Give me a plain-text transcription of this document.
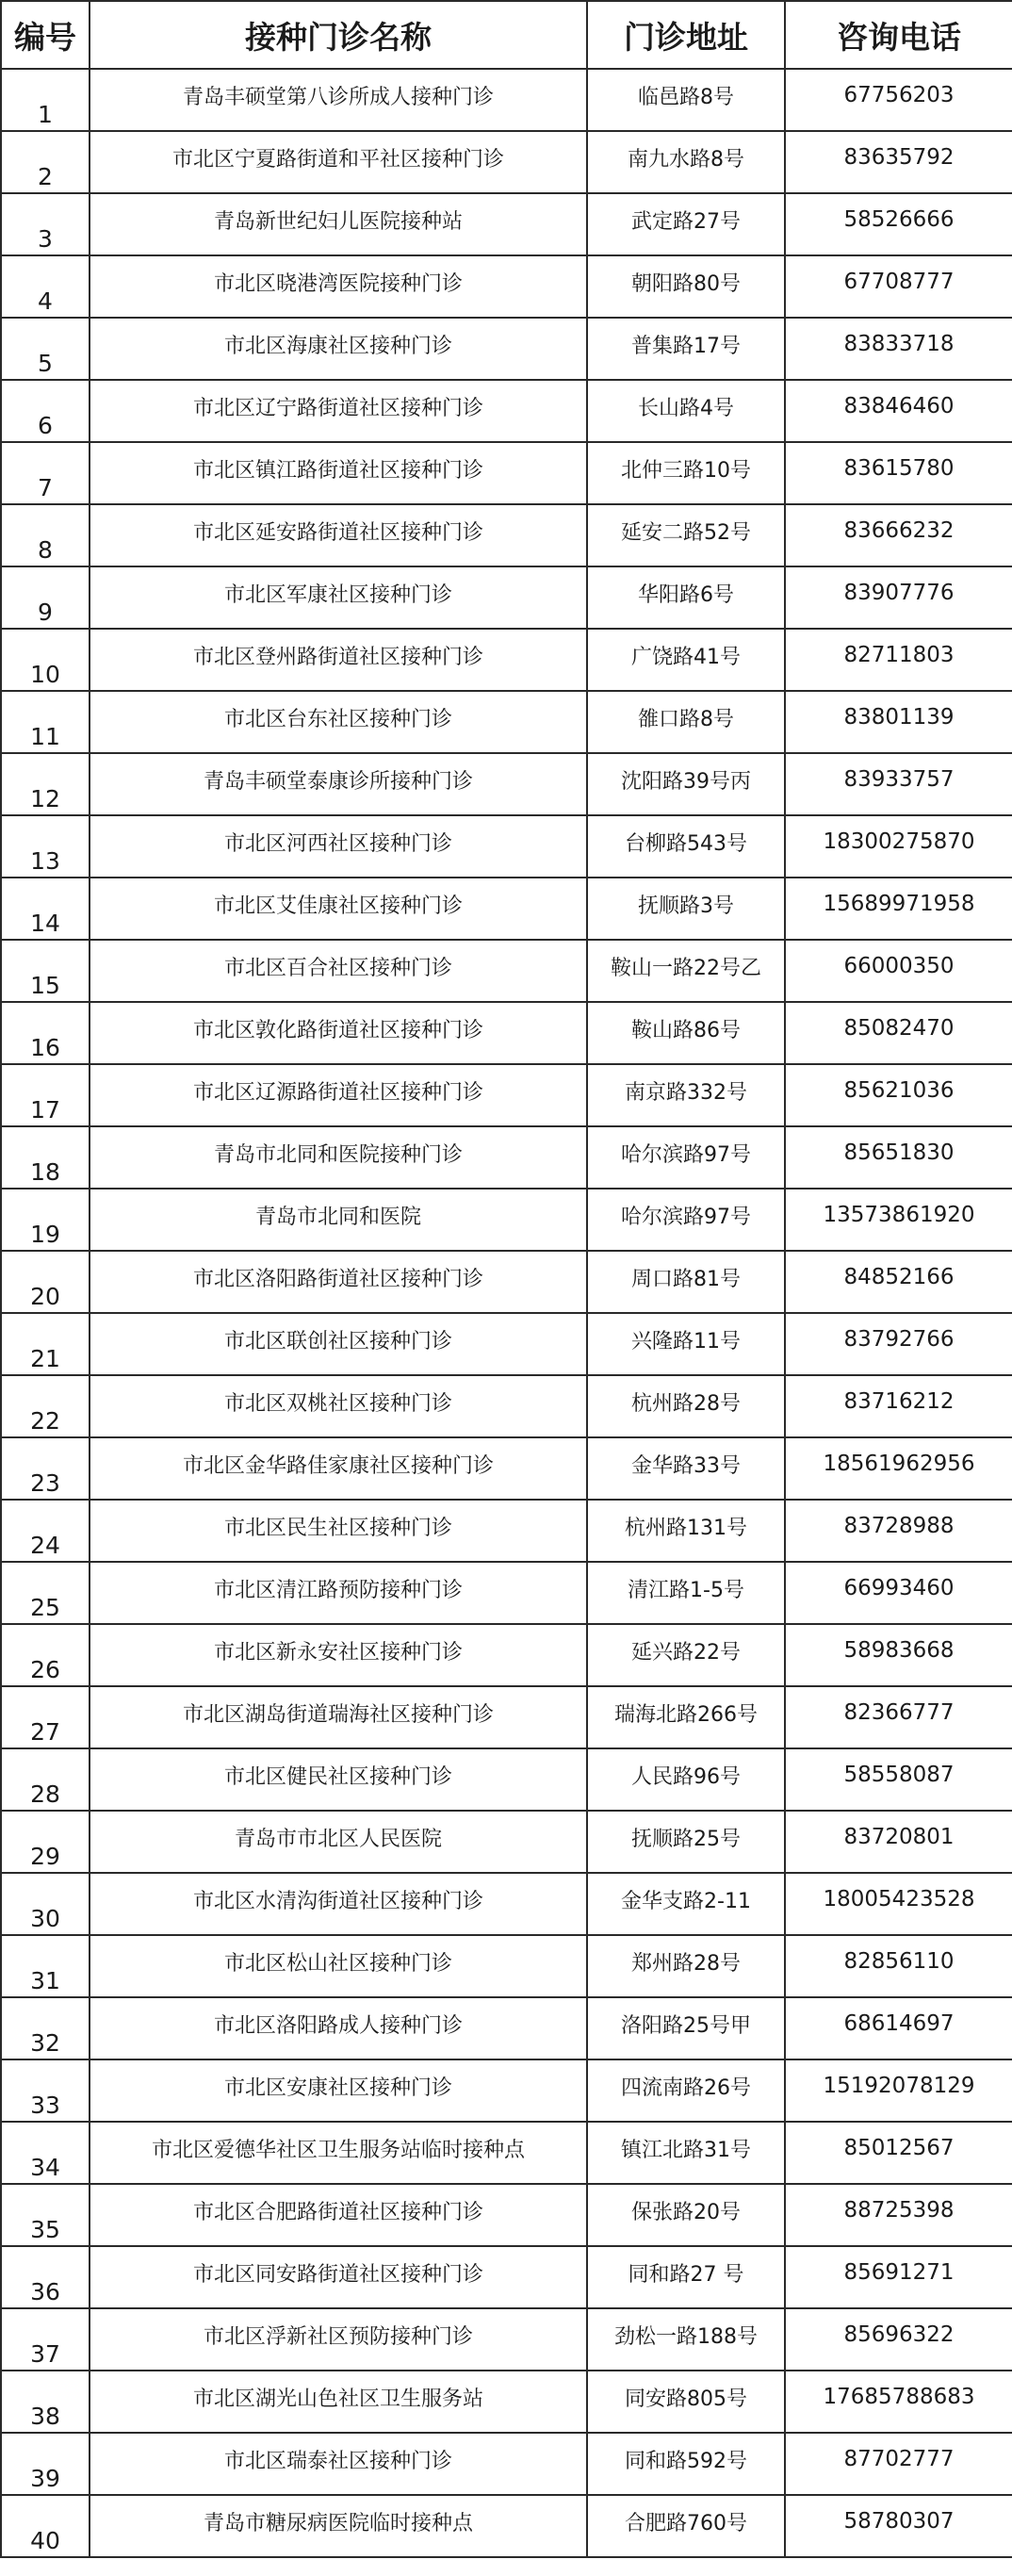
编号	接种门诊名称	门诊地址	咨询电话
1	青岛丰硕堂第八诊所成人接种门诊	临邑路8号	67756203
2	市北区宁夏路街道和平社区接种门诊	南九水路8号	83635792
3	青岛新世纪妇儿医院接种站	武定路27号	58526666
4	市北区晓港湾医院接种门诊	朝阳路80号	67708777
5	市北区海康社区接种门诊	普集路17号	83833718
6	市北区辽宁路街道社区接种门诊	长山路4号	83846460
7	市北区镇江路街道社区接种门诊	北仲三路10号	83615780
8	市北区延安路街道社区接种门诊	延安二路52号	83666232
9	市北区军康社区接种门诊	华阳路6号	83907776
10	市北区登州路街道社区接种门诊	广饶路41号	82711803
11	市北区台东社区接种门诊	雒口路8号	83801139
12	青岛丰硕堂泰康诊所接种门诊	沈阳路39号丙	83933757
13	市北区河西社区接种门诊	台柳路543号	18300275870
14	市北区艾佳康社区接种门诊	抚顺路3号	15689971958
15	市北区百合社区接种门诊	鞍山一路22号乙	66000350
16	市北区敦化路街道社区接种门诊	鞍山路86号	85082470
17	市北区辽源路街道社区接种门诊	南京路332号	85621036
18	青岛市北同和医院接种门诊	哈尔滨路97号	85651830
19	青岛市北同和医院	哈尔滨路97号	13573861920
20	市北区洛阳路街道社区接种门诊	周口路81号	84852166
21	市北区联创社区接种门诊	兴隆路11号	83792766
22	市北区双桃社区接种门诊	杭州路28号	83716212
23	市北区金华路佳家康社区接种门诊	金华路33号	18561962956
24	市北区民生社区接种门诊	杭州路131号	83728988
25	市北区清江路预防接种门诊	清江路1-5号	66993460
26	市北区新永安社区接种门诊	延兴路22号	58983668
27	市北区湖岛街道瑞海社区接种门诊	瑞海北路266号	82366777
28	市北区健民社区接种门诊	人民路96号	58558087
29	青岛市市北区人民医院	抚顺路25号	83720801
30	市北区水清沟街道社区接种门诊	金华支路2-11	18005423528
31	市北区松山社区接种门诊	郑州路28号	82856110
32	市北区洛阳路成人接种门诊	洛阳路25号甲	68614697
33	市北区安康社区接种门诊	四流南路26号	15192078129
34	市北区爱德华社区卫生服务站临时接种点	镇江北路31号	85012567
35	市北区合肥路街道社区接种门诊	保张路20号	88725398
36	市北区同安路街道社区接种门诊	同和路27 号	85691271
37	市北区浮新社区预防接种门诊	劲松一路188号	85696322
38	市北区湖光山色社区卫生服务站	同安路805号	17685788683
39	市北区瑞泰社区接种门诊	同和路592号	87702777
40	青岛市糖尿病医院临时接种点	合肥路760号	58780307
